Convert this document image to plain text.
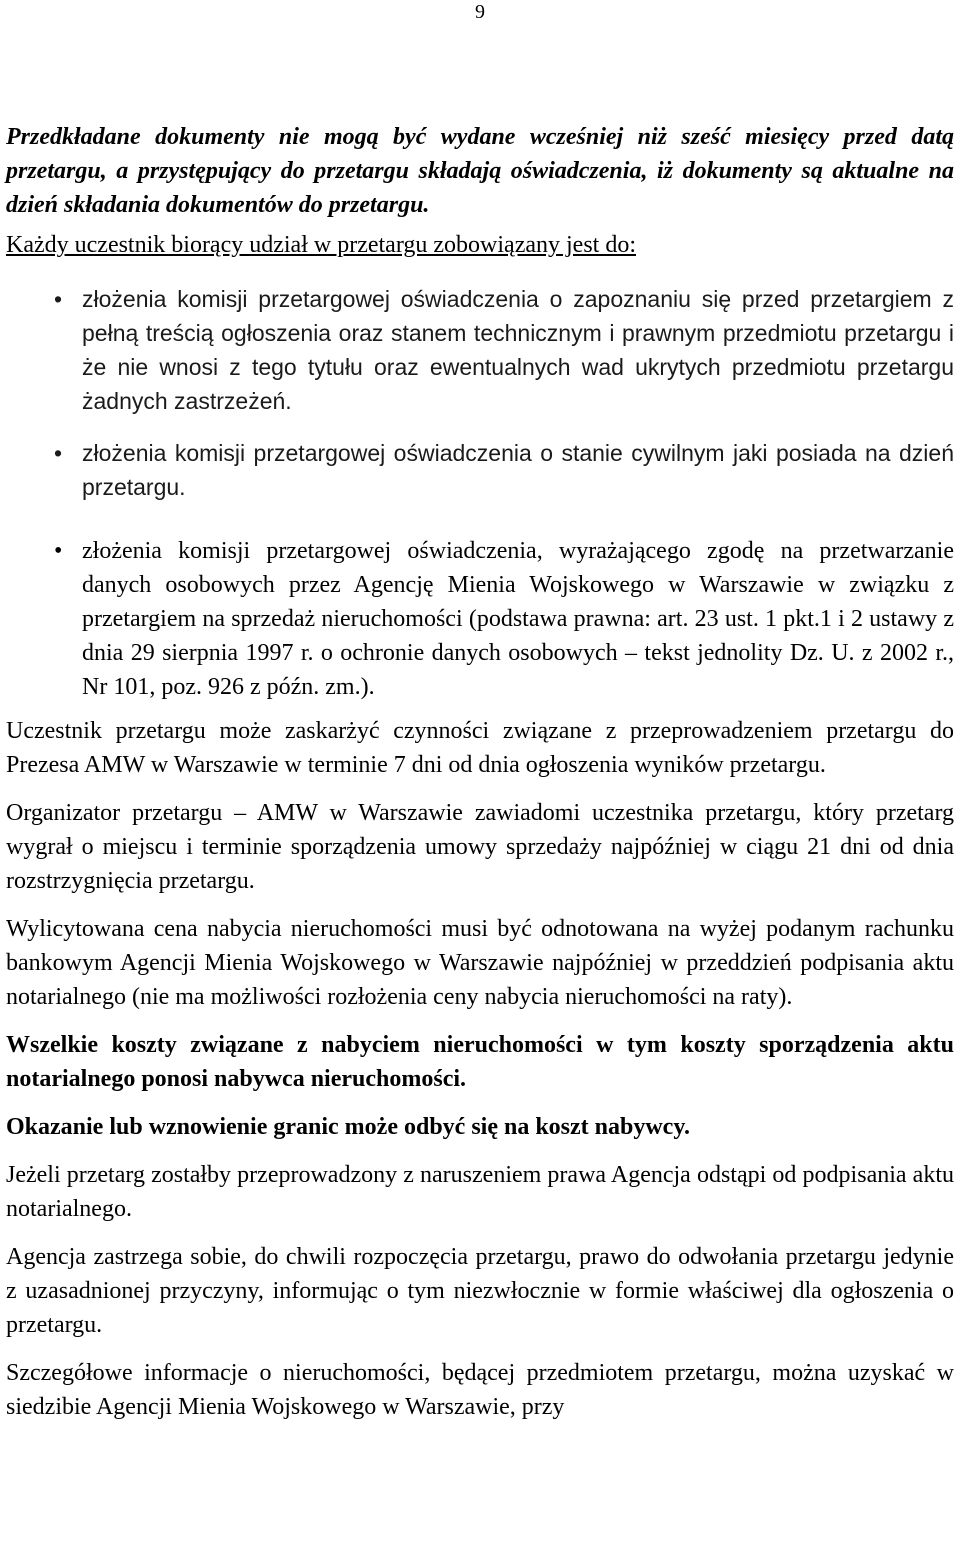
9

Przedkładane dokumenty nie mogą być wydane wcześniej niż sześć miesięcy przed datą przetargu, a przystępujący do przetargu składają oświadczenia, iż dokumenty są aktualne na dzień składania dokumentów do przetargu.

Każdy uczestnik biorący udział w przetargu zobowiązany jest do:

• złożenia komisji przetargowej oświadczenia o zapoznaniu się przed przetargiem z pełną treścią ogłoszenia oraz stanem technicznym i prawnym przedmiotu przetargu i że nie wnosi z tego tytułu oraz ewentualnych wad ukrytych przedmiotu przetargu żadnych zastrzeżeń.
• złożenia komisji przetargowej oświadczenia o stanie cywilnym jaki posiada na dzień przetargu.
• złożenia komisji przetargowej oświadczenia, wyrażającego zgodę na przetwarzanie danych osobowych przez Agencję Mienia Wojskowego w Warszawie w związku z przetargiem na sprzedaż nieruchomości (podstawa prawna: art. 23 ust. 1 pkt.1 i 2 ustawy z dnia 29 sierpnia 1997 r. o ochronie danych osobowych – tekst jednolity Dz. U. z 2002 r., Nr 101, poz. 926 z późn. zm.).

Uczestnik przetargu może zaskarżyć czynności związane z przeprowadzeniem przetargu do Prezesa AMW w Warszawie w terminie 7 dni od dnia ogłoszenia wyników przetargu.

Organizator przetargu – AMW w Warszawie zawiadomi uczestnika przetargu, który przetarg wygrał o miejscu i terminie sporządzenia umowy sprzedaży najpóźniej w ciągu 21 dni od dnia rozstrzygnięcia przetargu.

Wylicytowana cena nabycia nieruchomości musi być odnotowana na wyżej podanym rachunku bankowym Agencji Mienia Wojskowego w Warszawie najpóźniej w przeddzień podpisania aktu notarialnego (nie ma możliwości rozłożenia ceny nabycia nieruchomości na raty).

Wszelkie koszty związane z nabyciem nieruchomości w tym koszty sporządzenia aktu notarialnego ponosi nabywca nieruchomości.

Okazanie lub wznowienie granic może odbyć się na koszt nabywcy.

Jeżeli przetarg zostałby przeprowadzony z naruszeniem prawa Agencja odstąpi od podpisania aktu notarialnego.

Agencja zastrzega sobie, do chwili rozpoczęcia przetargu, prawo do odwołania przetargu jedynie z uzasadnionej przyczyny, informując o tym niezwłocznie w formie właściwej dla ogłoszenia o przetargu.

Szczegółowe informacje o nieruchomości, będącej przedmiotem przetargu, można uzyskać w siedzibie Agencji Mienia Wojskowego w Warszawie, przy
